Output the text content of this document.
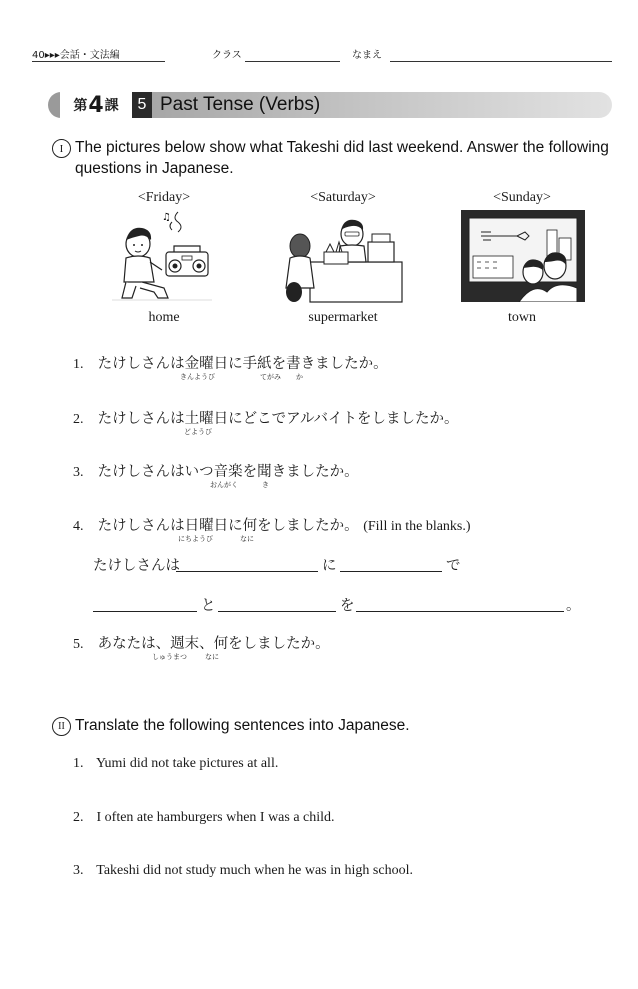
40▸▸▸会話・文法編	クラス	なまえ
第 4 課	5 Past Tense (Verbs)
I The pictures below show what Takeshi did last weekend. Answer the following
questions in Japanese.
<Friday>	<Saturday>	<Sunday>
♫
home	supermarket	town
1. たけしさんは金曜日に手紙を書きましたか。
きんようび	てがみ か
2. たけしさんは土曜日にどこでアルバイトをしましたか。
どようび
3. たけしさんはいつ音楽を聞きましたか。
おんがく	き
4. たけしさんは日曜日に何をしましたか。 (Fill in the blanks.)
にちようび	なに
たけしさんは	に	で
と	を	。
5. あなたは、週末、何をしましたか。
しゅうまつ	なに
II Translate the following sentences into Japanese.
1. Yumi did not take pictures at all.
2. I often ate hamburgers when I was a child.
3. Takeshi did not study much when he was in high school.
